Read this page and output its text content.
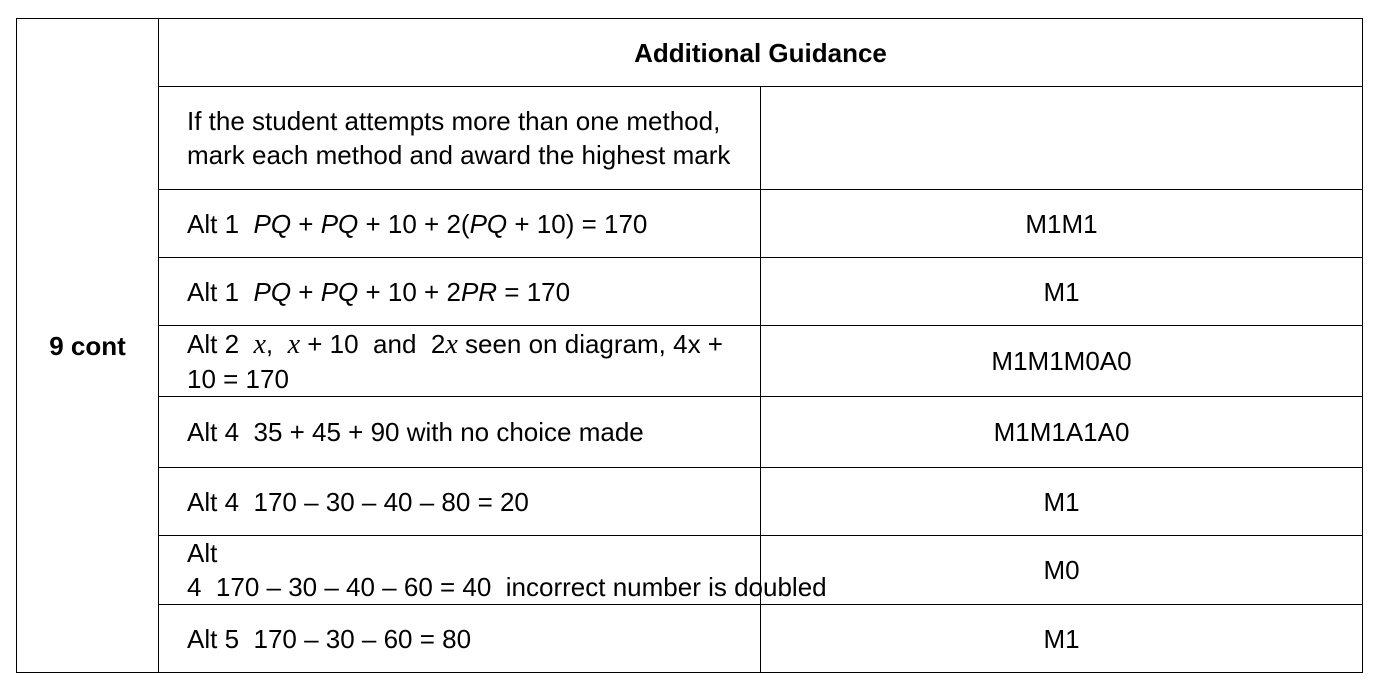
9 cont	Additional Guidance	
	If the student attempts more than one method, mark each method and award the highest mark	
	Alt 1 PQ + PQ + 10 + 2(PQ + 10) = 170	M1M1
	Alt 1 PQ + PQ + 10 + 2PR = 170	M1
	Alt 2 x,  x + 10  and  2x seen on diagram, 4x + 10 = 170	M1M1M0A0
	Alt 4 35 + 45 + 90 with no choice made	M1M1A1A0
	Alt 4 170 – 30 – 40 – 80 = 20	M1
	Alt 4 170 – 30 – 40 – 60 = 40  incorrect number is doubled	M0
	Alt 5 170 – 30 – 60 = 80	M1
